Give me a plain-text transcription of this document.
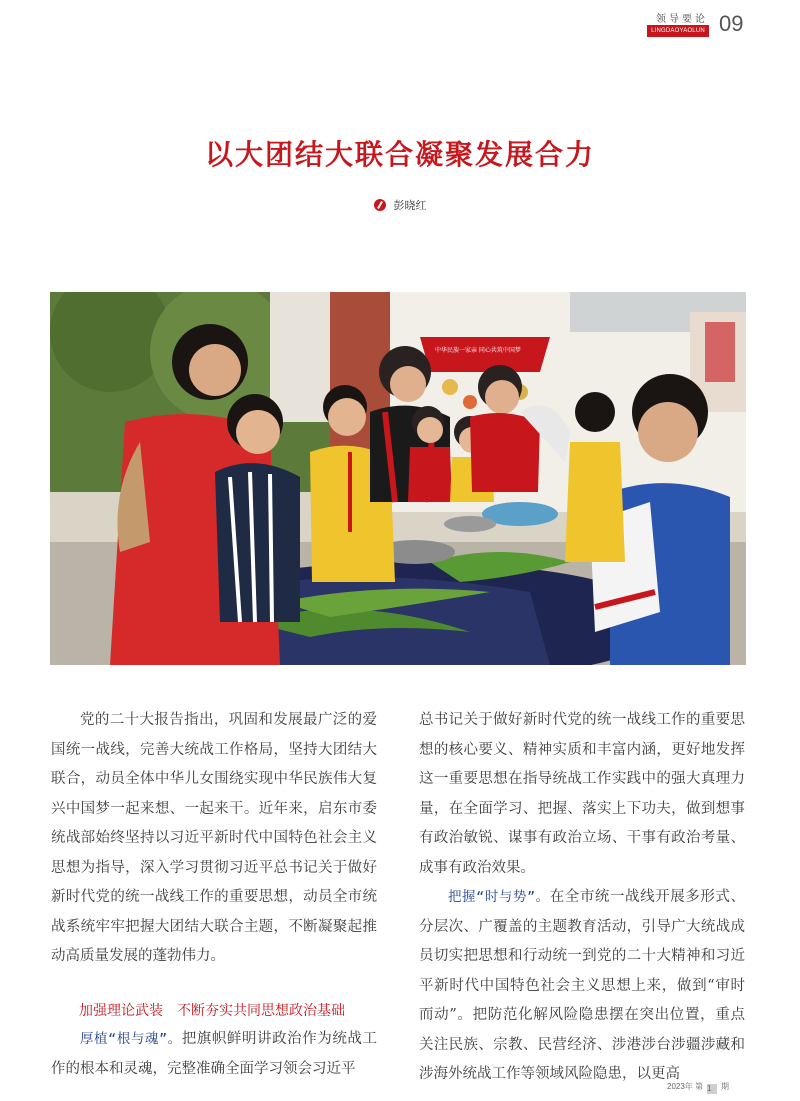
领导要论
LINGDAOYAOLUN 09
以大团结大联合凝聚发展合力
彭晓红
中华民族一家亲 同心共筑中国梦

党的二十大报告指出，巩固和发展最广泛的爱国统一战线，完善大统战工作格局，坚持大团结大联合，动员全体中华儿女围绕实现中华民族伟大复兴中国梦一起来想、一起来干。近年来，启东市委统战部始终坚持以习近平新时代中国特色社会主义思想为指导，深入学习贯彻习近平总书记关于做好新时代党的统一战线工作的重要思想，动员全市统战系统牢牢把握大团结大联合主题，不断凝聚起推动高质量发展的蓬勃伟力。

加强理论武装　不断夯实共同思想政治基础

厚植“根与魂”。把旗帜鲜明讲政治作为统战工作的根本和灵魂，完整准确全面学习领会习近平

总书记关于做好新时代党的统一战线工作的重要思想的核心要义、精神实质和丰富内涵，更好地发挥这一重要思想在指导统战工作实践中的强大真理力量，在全面学习、把握、落实上下功夫，做到想事有政治敏锐、谋事有政治立场、干事有政治考量、成事有政治效果。

把握“时与势”。在全市统一战线开展多形式、分层次、广覆盖的主题教育活动，引导广大统战成员切实把思想和行动统一到党的二十大精神和习近平新时代中国特色社会主义思想上来，做到“审时而动”。把防范化解风险隐患摆在突出位置，重点关注民族、宗教、民营经济、涉港涉台涉疆涉藏和涉海外统战工作等领域风险隐患，以更高

2023年 第 1 期
